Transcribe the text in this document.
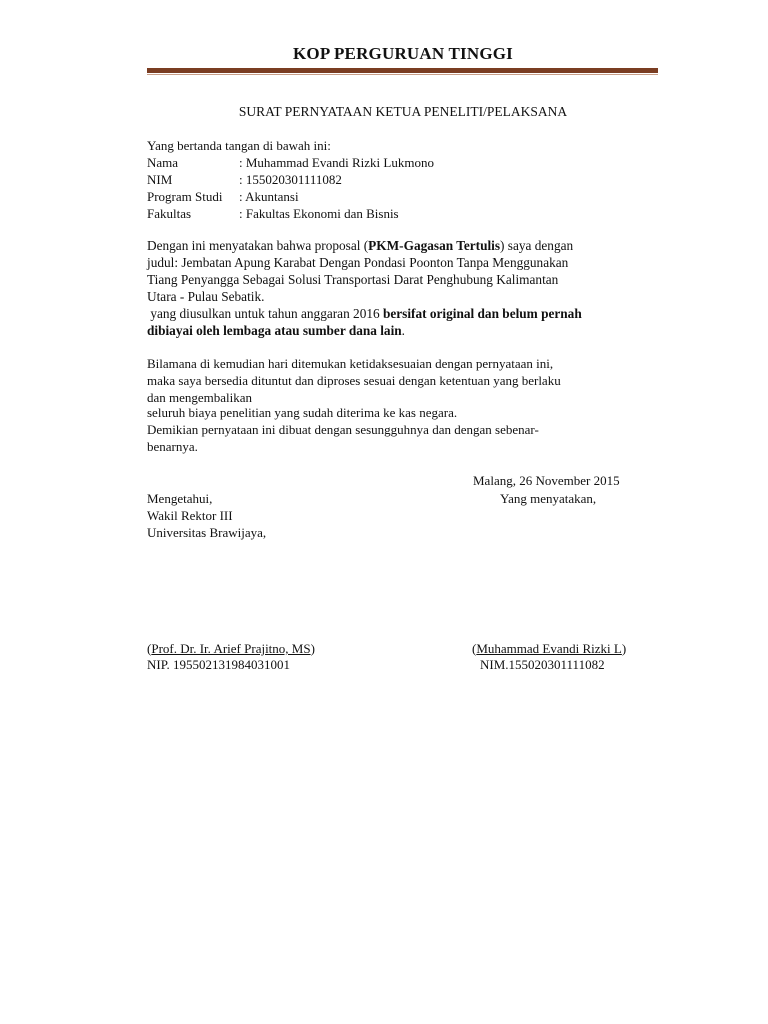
KOP PERGURUAN TINGGI
SURAT PERNYATAAN KETUA PENELITI/PELAKSANA
Yang bertanda tangan di bawah ini:
Nama	: Muhammad Evandi Rizki Lukmono
NIM	: 155020301111082
Program Studi : Akuntansi
Fakultas	: Fakultas Ekonomi dan Bisnis
Dengan ini menyatakan bahwa proposal (PKM-Gagasan Tertulis) saya dengan
judul: Jembatan Apung Karabat Dengan Pondasi Poonton Tanpa Menggunakan
Tiang Penyangga Sebagai Solusi Transportasi Darat Penghubung Kalimantan
Utara - Pulau Sebatik.
yang diusulkan untuk tahun anggaran 2016 bersifat original dan belum pernah
dibiayai oleh lembaga atau sumber dana lain.
Bilamana di kemudian hari ditemukan ketidaksesuaian dengan pernyataan ini,
maka saya bersedia dituntut dan diproses sesuai dengan ketentuan yang berlaku
dan mengembalikan
seluruh biaya penelitian yang sudah diterima ke kas negara.
Demikian pernyataan ini dibuat dengan sesungguhnya dan dengan sebenar-
benarnya.
Malang, 26 November 2015
Mengetahui,
Wakil Rektor III
Universitas Brawijaya,
Yang menyatakan,
(Prof. Dr. Ir. Arief Prajitno, MS)
NIP. 195502131984031001
(Muhammad Evandi Rizki L)
NIM.155020301111082
